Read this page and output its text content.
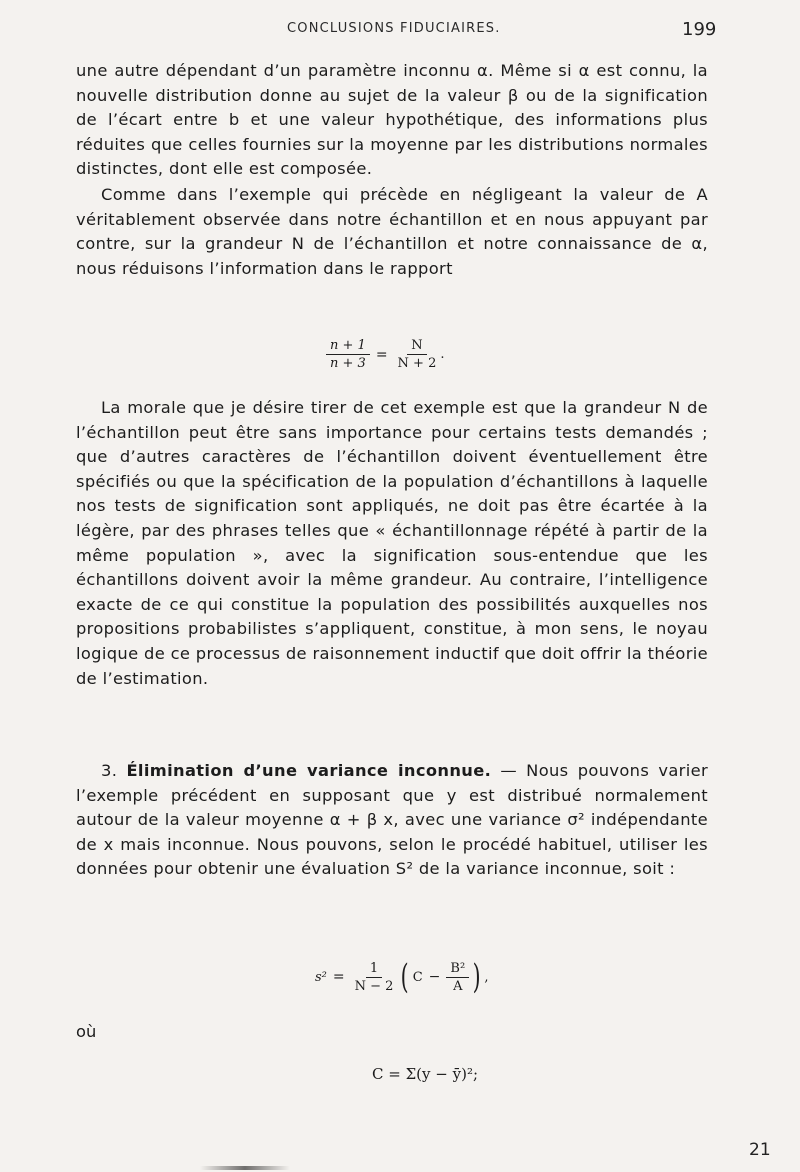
CONCLUSIONS FIDUCIAIRES.	199

une autre dépendant d’un paramètre inconnu α. Même si α est connu, la nouvelle distribution donne au sujet de la valeur β ou de la signification de l’écart entre b et une valeur hypothétique, des informations plus réduites que celles fournies sur la moyenne par les distributions normales distinctes, dont elle est composée.

Comme dans l’exemple qui précède en négligeant la valeur de A véritablement observée dans notre échantillon et en nous appuyant par contre, sur la grandeur N de l’échantillon et notre connaissance de α, nous réduisons l’information dans le rapport

$\frac{n + 1}{n + 3} = \frac{N}{N + 2}$ .

La morale que je désire tirer de cet exemple est que la grandeur N de l’échantillon peut être sans importance pour certains tests demandés ; que d’autres caractères de l’échantillon doivent éventuellement être spécifiés ou que la spécification de la population d’échantillons à laquelle nos tests de signification sont appliqués, ne doit pas être écartée à la légère, par des phrases telles que « échantillonnage répété à partir de la même population », avec la signification sous-entendue que les échantillons doivent avoir la même grandeur. Au contraire, l’intelligence exacte de ce qui constitue la population des possibilités auxquelles nos propositions probabilistes s’appliquent, constitue, à mon sens, le noyau logique de ce processus de raisonnement inductif que doit offrir la théorie de l’estimation.

3. Élimination d’une variance inconnue. — Nous pouvons varier l’exemple précédent en supposant que y est distribué normalement autour de la valeur moyenne α + β x, avec une variance σ² indépendante de x mais inconnue. Nous pouvons, selon le procédé habituel, utiliser les données pour obtenir une évaluation S² de la variance inconnue, soit :

$s^2 = \frac{1}{N - 2}$ ( $C - \frac{\text{B²}}{A}$ ) ,
où
C = Σ(y − ȳ)²;
21
